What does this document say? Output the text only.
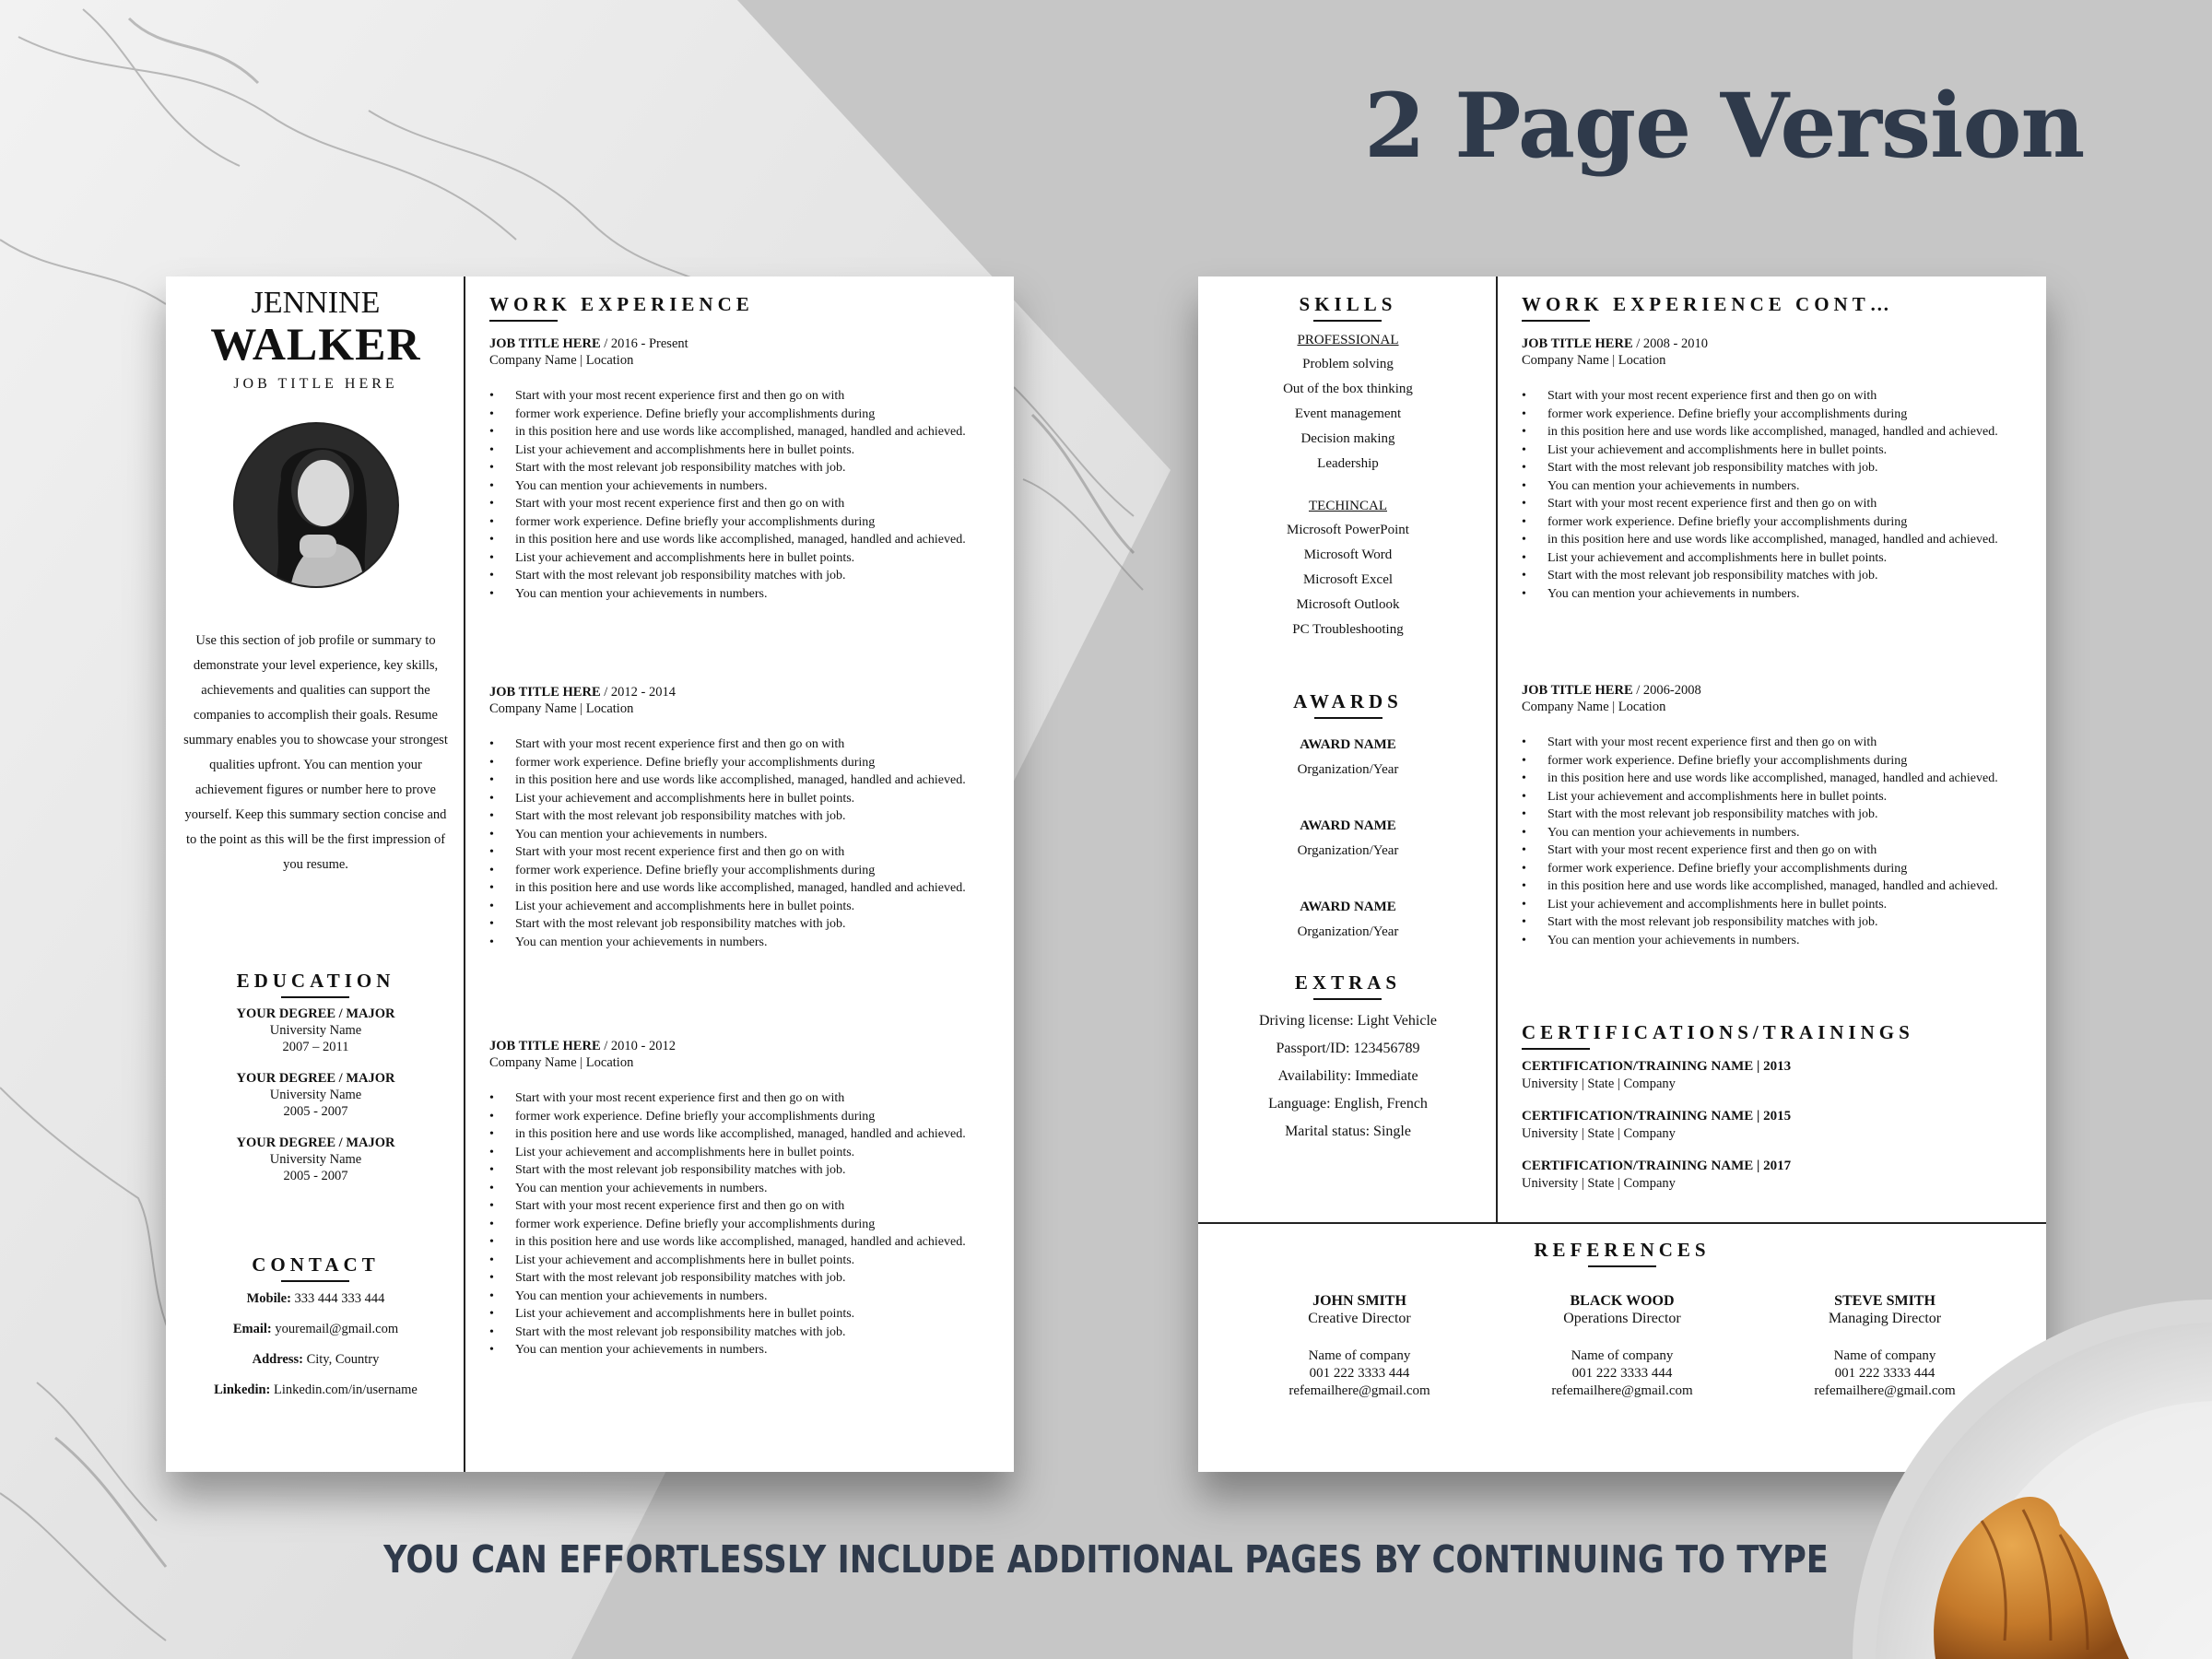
2 Page Version
JENNINE
WALKER
JOB TITLE HERE
Use this section of job profile or summary to demonstrate your level experience, key skills, achievements and qualities can support the companies to accomplish their goals. Resume summary enables you to showcase your strongest qualities upfront. You can mention your achievement figures or number here to prove yourself. Keep this summary section concise and to the point as this will be the first impression of you resume.
EDUCATION
YOUR DEGREE / MAJOR
University Name
2007 – 2011
YOUR DEGREE / MAJOR
University Name
2005 - 2007
YOUR DEGREE / MAJOR
University Name
2005 - 2007
CONTACT
Mobile: 333 444 333 444
Email: youremail@gmail.com
Address: City, Country
Linkedin: Linkedin.com/in/username
WORK EXPERIENCE
JOB TITLE HERE / 2016 - Present
Company Name | Location
• Start with your most recent experience first and then go on with
• former work experience. Define briefly your accomplishments during
• in this position here and use words like accomplished, managed, handled and achieved.
• List your achievement and accomplishments here in bullet points.
• Start with the most relevant job responsibility matches with job.
• You can mention your achievements in numbers.
• Start with your most recent experience first and then go on with
• former work experience. Define briefly your accomplishments during
• in this position here and use words like accomplished, managed, handled and achieved.
• List your achievement and accomplishments here in bullet points.
• Start with the most relevant job responsibility matches with job.
• You can mention your achievements in numbers.
JOB TITLE HERE / 2012 - 2014
Company Name | Location
• Start with your most recent experience first and then go on with
• former work experience. Define briefly your accomplishments during
• in this position here and use words like accomplished, managed, handled and achieved.
• List your achievement and accomplishments here in bullet points.
• Start with the most relevant job responsibility matches with job.
• You can mention your achievements in numbers.
• Start with your most recent experience first and then go on with
• former work experience. Define briefly your accomplishments during
• in this position here and use words like accomplished, managed, handled and achieved.
• List your achievement and accomplishments here in bullet points.
• Start with the most relevant job responsibility matches with job.
• You can mention your achievements in numbers.
JOB TITLE HERE / 2010 - 2012
Company Name | Location
• Start with your most recent experience first and then go on with
• former work experience. Define briefly your accomplishments during
• in this position here and use words like accomplished, managed, handled and achieved.
• List your achievement and accomplishments here in bullet points.
• Start with the most relevant job responsibility matches with job.
• You can mention your achievements in numbers.
• Start with your most recent experience first and then go on with
• former work experience. Define briefly your accomplishments during
• in this position here and use words like accomplished, managed, handled and achieved.
• List your achievement and accomplishments here in bullet points.
• Start with the most relevant job responsibility matches with job.
• You can mention your achievements in numbers.
• List your achievement and accomplishments here in bullet points.
• Start with the most relevant job responsibility matches with job.
• You can mention your achievements in numbers.
SKILLS
PROFESSIONAL
Problem solving
Out of the box thinking
Event management
Decision making
Leadership
TECHINCAL
Microsoft PowerPoint
Microsoft Word
Microsoft Excel
Microsoft Outlook
PC Troubleshooting
AWARDS
AWARD NAME
Organization/Year
AWARD NAME
Organization/Year
AWARD NAME
Organization/Year
EXTRAS
Driving license: Light Vehicle
Passport/ID: 123456789
Availability: Immediate
Language: English, French
Marital status: Single
WORK EXPERIENCE CONT…
JOB TITLE HERE / 2008 - 2010
Company Name | Location
• Start with your most recent experience first and then go on with
• former work experience. Define briefly your accomplishments during
• in this position here and use words like accomplished, managed, handled and achieved.
• List your achievement and accomplishments here in bullet points.
• Start with the most relevant job responsibility matches with job.
• You can mention your achievements in numbers.
• Start with your most recent experience first and then go on with
• former work experience. Define briefly your accomplishments during
• in this position here and use words like accomplished, managed, handled and achieved.
• List your achievement and accomplishments here in bullet points.
• Start with the most relevant job responsibility matches with job.
• You can mention your achievements in numbers.
JOB TITLE HERE / 2006-2008
Company Name | Location
• Start with your most recent experience first and then go on with
• former work experience. Define briefly your accomplishments during
• in this position here and use words like accomplished, managed, handled and achieved.
• List your achievement and accomplishments here in bullet points.
• Start with the most relevant job responsibility matches with job.
• You can mention your achievements in numbers.
• Start with your most recent experience first and then go on with
• former work experience. Define briefly your accomplishments during
• in this position here and use words like accomplished, managed, handled and achieved.
• List your achievement and accomplishments here in bullet points.
• Start with the most relevant job responsibility matches with job.
• You can mention your achievements in numbers.
CERTIFICATIONS/TRAININGS
CERTIFICATION/TRAINING NAME | 2013
University | State | Company
CERTIFICATION/TRAINING NAME | 2015
University | State | Company
CERTIFICATION/TRAINING NAME | 2017
University | State | Company
REFERENCES
JOHN SMITH
Creative Director
Name of company
001 222 3333 444
refemailhere@gmail.com
BLACK WOOD
Operations Director
Name of company
001 222 3333 444
refemailhere@gmail.com
STEVE SMITH
Managing Director
Name of company
001 222 3333 444
refemailhere@gmail.com
YOU CAN EFFORTLESSLY INCLUDE ADDITIONAL PAGES BY CONTINUING TO TYPE
